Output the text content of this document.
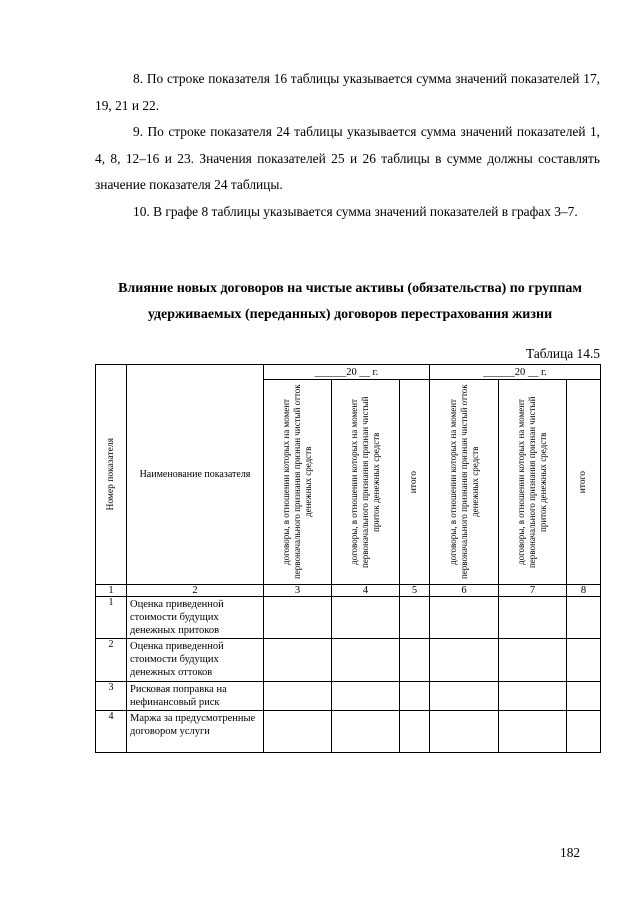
8. По строке показателя 16 таблицы указывается сумма значений показателей 17, 19, 21 и 22.

9. По строке показателя 24 таблицы указывается сумма значений показателей 1, 4, 8, 12–16 и 23. Значения показателей 25 и 26 таблицы в сумме должны составлять значение показателя 24 таблицы.

10. В графе 8 таблицы указывается сумма значений показателей в графах 3–7.

Влияние новых договоров на чистые активы (обязательства) по группам удерживаемых (переданных) договоров перестрахования жизни

Таблица 14.5
Номер показателя	Наименование показателя	______20 __ г.			______20 __ г.		

		договоры, в отношении которых на момент первоначального признания признан чистый отток денежных средств	договоры, в отношении которых на момент первоначального признания признан чистый приток денежных средств	итого	договоры, в отношении которых на момент первоначального признания признан чистый отток денежных средств	договоры, в отношении которых на момент первоначального признания признан чистый приток денежных средств	итого

1	2	3	4	5	6	7	8
1	Оценка приведенной стоимости будущих денежных притоков						
2	Оценка приведенной стоимости будущих денежных оттоков						
3	Рисковая поправка на нефинансовый риск						
4	Маржа за предусмотренные договором услуги						
182
